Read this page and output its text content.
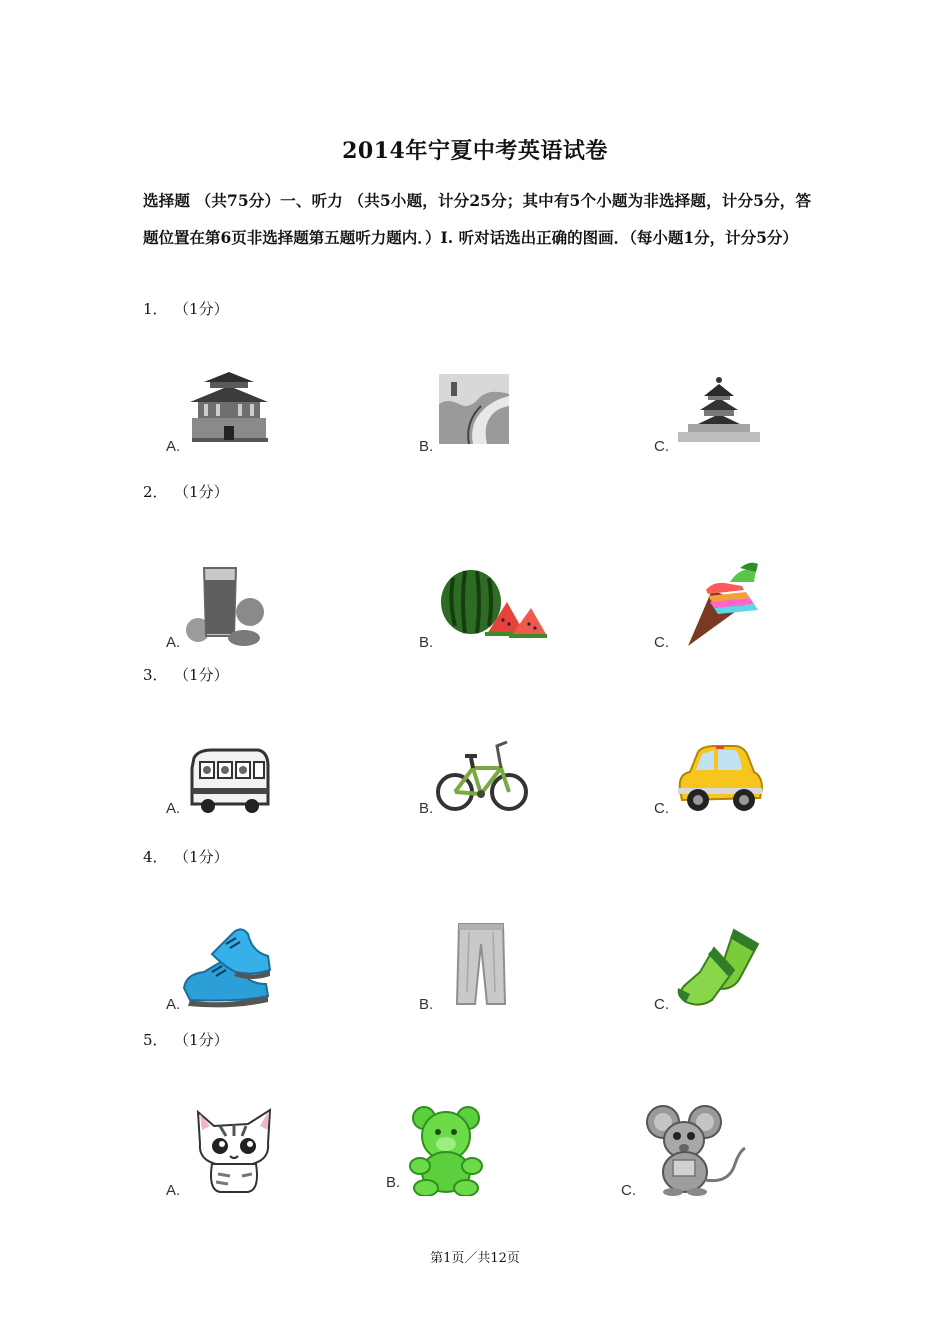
2014年宁夏中考英语试卷

选择题 （共75分）一、听力 （共5小题，计分25分；其中有5个小题为非选择题，计分5分，答题位置在第6页非选择题第五题听力题内．）I. 听对话选出正确的图画．（每小题1分，计分5分）

1． （1分）

A.	B.	C.

2． （1分）

A.	B.	C.

3． （1分）

A.	B.	C.

4． （1分）

A.	B.	C.

5． （1分）

A.	B.	C.

第1页／共12页
